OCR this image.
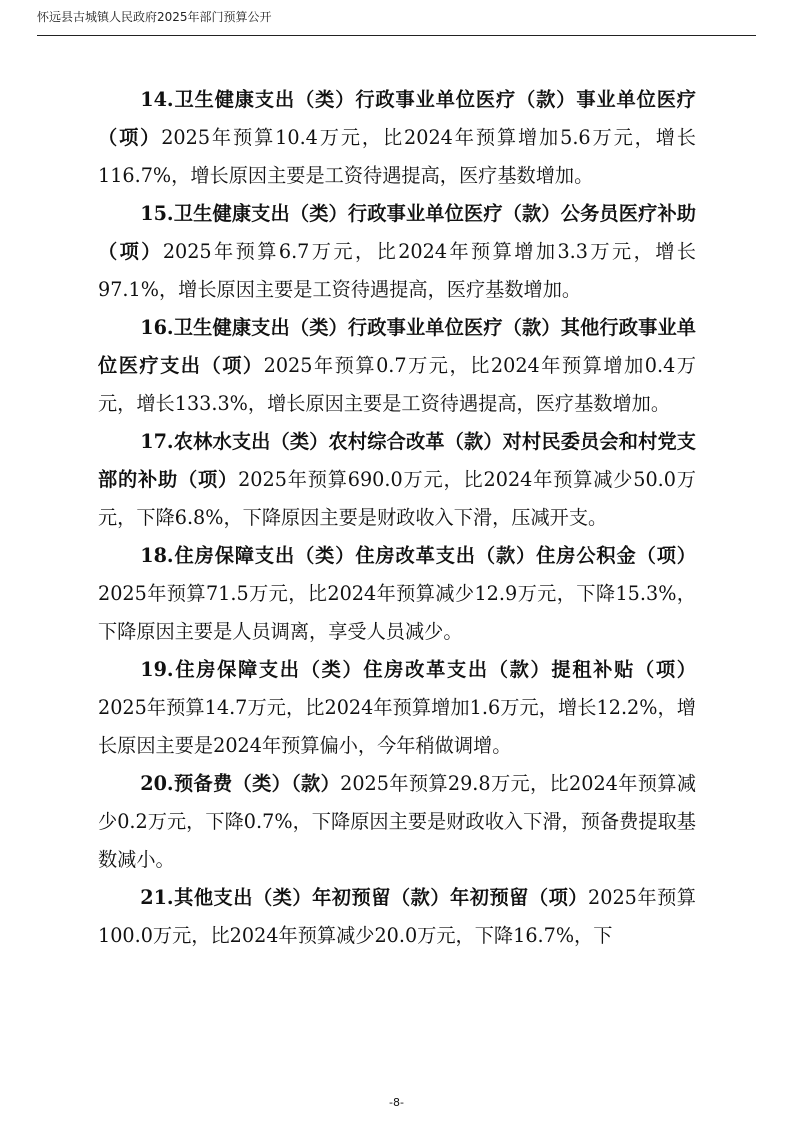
怀远县古城镇人民政府2025年部门预算公开

14.卫生健康支出（类）行政事业单位医疗（款）事业单位医疗（项）2025年预算10.4万元，比2024年预算增加5.6万元，增长116.7%，增长原因主要是工资待遇提高，医疗基数增加。

15.卫生健康支出（类）行政事业单位医疗（款）公务员医疗补助（项）2025年预算6.7万元，比2024年预算增加3.3万元，增长97.1%，增长原因主要是工资待遇提高，医疗基数增加。

16.卫生健康支出（类）行政事业单位医疗（款）其他行政事业单位医疗支出（项）2025年预算0.7万元，比2024年预算增加0.4万元，增长133.3%，增长原因主要是工资待遇提高，医疗基数增加。

17.农林水支出（类）农村综合改革（款）对村民委员会和村党支部的补助（项）2025年预算690.0万元，比2024年预算减少50.0万元，下降6.8%，下降原因主要是财政收入下滑，压减开支。

18.住房保障支出（类）住房改革支出（款）住房公积金（项）2025年预算71.5万元，比2024年预算减少12.9万元，下降15.3%，下降原因主要是人员调离，享受人员减少。

19.住房保障支出（类）住房改革支出（款）提租补贴（项）2025年预算14.7万元，比2024年预算增加1.6万元，增长12.2%，增长原因主要是2024年预算偏小，今年稍做调增。

20.预备费（类）（款）2025年预算29.8万元，比2024年预算减少0.2万元，下降0.7%，下降原因主要是财政收入下滑，预备费提取基数减小。

21.其他支出（类）年初预留（款）年初预留（项）2025年预算100.0万元，比2024年预算减少20.0万元，下降16.7%，下

-8-
